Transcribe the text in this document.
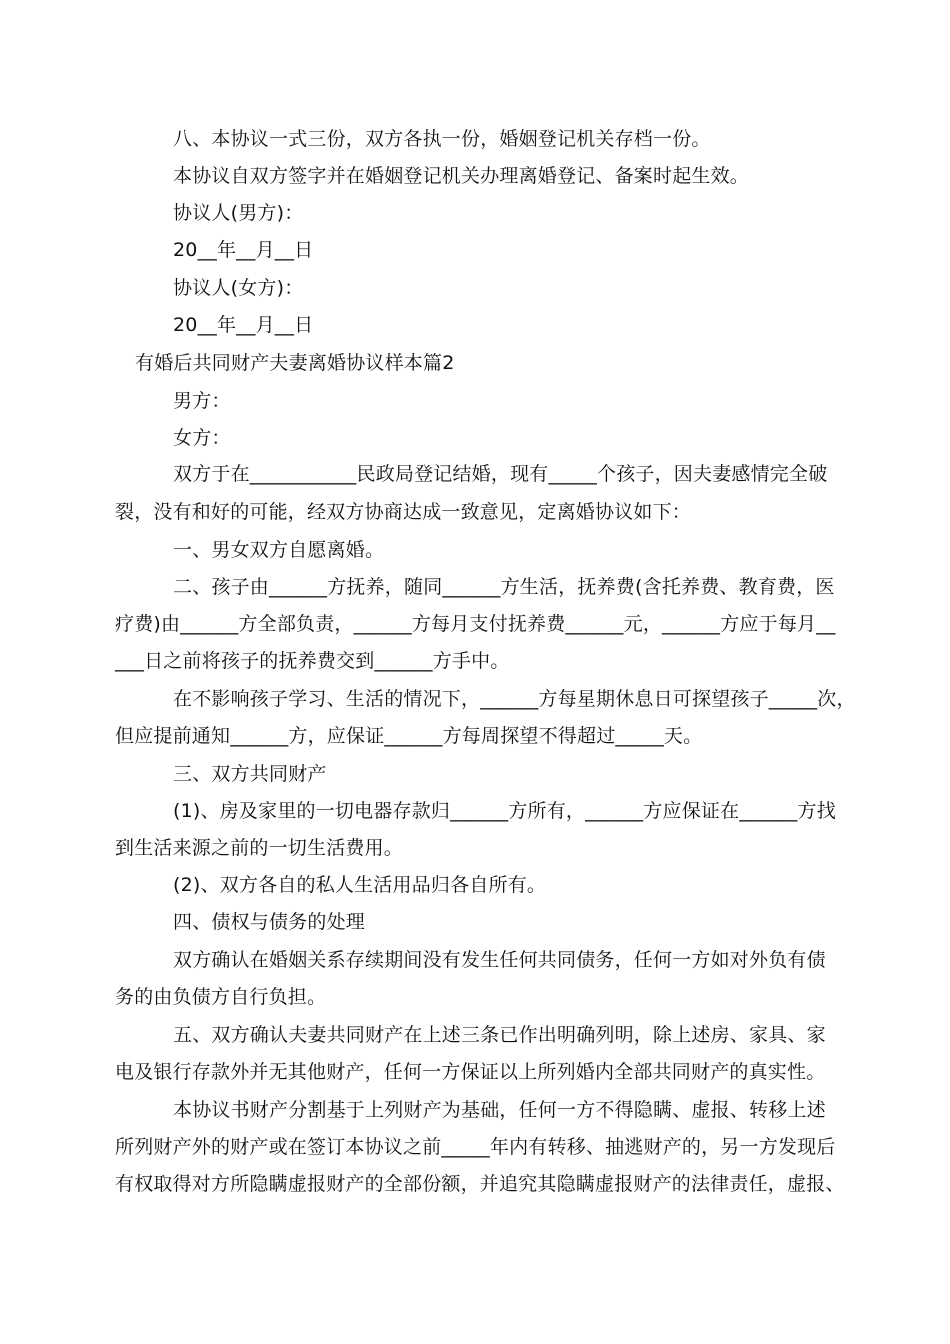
八、本协议一式三份，双方各执一份，婚姻登记机关存档一份。

本协议自双方签字并在婚姻登记机关办理离婚登记、备案时起生效。

协议人(男方)：

20__年__月__日

协议人(女方)：

20__年__月__日

有婚后共同财产夫妻离婚协议样本篇2

男方：

女方：

双方于在___________民政局登记结婚，现有_____个孩子，因夫妻感情完全破

裂，没有和好的可能，经双方协商达成一致意见，定离婚协议如下：

一、男女双方自愿离婚。

二、孩子由______方抚养，随同______方生活，抚养费(含托养费、教育费，医

疗费)由______方全部负责，______方每月支付抚养费______元，______方应于每月__

___日之前将孩子的抚养费交到______方手中。

在不影响孩子学习、生活的情况下，______方每星期休息日可探望孩子_____次，

但应提前通知______方，应保证______方每周探望不得超过_____天。

三、双方共同财产

(1)、房及家里的一切电器存款归______方所有，______方应保证在______方找

到生活来源之前的一切生活费用。

(2)、双方各自的私人生活用品归各自所有。

四、债权与债务的处理

双方确认在婚姻关系存续期间没有发生任何共同债务，任何一方如对外负有债

务的由负债方自行负担。

五、双方确认夫妻共同财产在上述三条已作出明确列明，除上述房、家具、家

电及银行存款外并无其他财产，任何一方保证以上所列婚内全部共同财产的真实性。

本协议书财产分割基于上列财产为基础，任何一方不得隐瞒、虚报、转移上述

所列财产外的财产或在签订本协议之前_____年内有转移、抽逃财产的，另一方发现后

有权取得对方所隐瞒虚报财产的全部份额，并追究其隐瞒虚报财产的法律责任，虚报、
